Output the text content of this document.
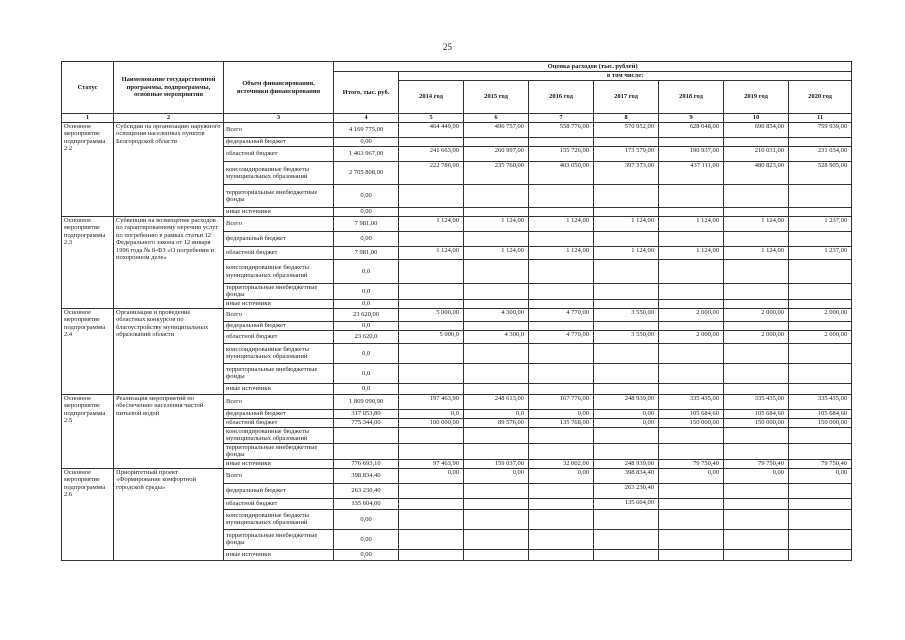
25
Статус	Наименование государственной программы, подпрограммы, основные мероприятия	Объем финансирования, источники финансирования	Оценка расходов (тыс. рублей)							
			Итого, тыс. руб.	в том числе:						
				2014 год	2015 год	2016 год	2017 год	2018 год	2019 год	2020 год
1	2	3	4	5	6	7	8	9	10	11
Основное мероприятие подпрограммы 2.2	Субсидии на организацию наружного освещения населенных пунктов Белгородской области	Всего	4 169 775,00	464 449,00	496 757,00	558 776,00	570 952,00	628 048,00	690 854,00	759 939,00
		федеральный бюджет	0,00							
		областной бюджет	1 463 967,00	241 663,00	260 997,00	155 726,00	173 579,00	190 937,00	210 031,00	231 034,00
		консолидированные бюджеты муниципальных образований	2 705 808,00	222 786,00	235 760,00	403 050,00	397 373,00	437 111,00	480 823,00	528 905,00
		территориальные внебюджетные фонды	0,00							
		иные источники	0,00							
Основное мероприятие подпрограммы 2.3	Субвенции на возмещение расходов по гарантированному перечню услуг по погребению в рамках статьи 12 Федерального закона от 12 января 1996 года № 8-ФЗ «О погребении и похоронном деле»	Всего	7 981,00	1 124,00	1 124,00	1 124,00	1 124,00	1 124,00	1 124,00	1 237,00
		федеральный бюджет	0,00							
		областной бюджет	7 981,00	1 124,00	1 124,00	1 124,00	1 124,00	1 124,00	1 124,00	1 237,00
		консолидированные бюджеты муниципальных образований	0,0							
		территориальные внебюджетные фонды	0,0							
		иные источники	0,0							
Основное мероприятие подпрограммы 2.4	Организация и проведение областных конкурсов по благоустройству муниципальных образований области	Всего	23 620,00	5 000,00	4 300,00	4 770,00	3 550,00	2 000,00	2 000,00	2 000,00
		федеральный бюджет	0,0							
		областной бюджет	23 620,0	5 000,0	4 300,0	4 770,00	3 550,00	2 000,00	2 000,00	2 000,00
		консолидированные бюджеты муниципальных образований	0,0							
		территориальные внебюджетные фонды	0,0							
		иные источники	0,0							
Основное мероприятие подпрограммы 2.5	Реализация мероприятий по обеспечению населения чистой питьевой водой	Всего	1 869 090,90	197 463,90	248 613,00	167 776,00	248 939,00	335 435,00	335 435,00	335 435,00
		федеральный бюджет	317 053,80	0,0	0,0	0,00	0,00	105 684,60	105 684,60	105 684,60
		областной бюджет	775 344,00	100 000,00	89 576,00	135 768,00	0,00	150 000,00	150 000,00	150 000,00
		консолидированные бюджеты муниципальных образований								
		территориальные внебюджетные фонды								
		иные источники	776 693,10	97 463,90	159 037,00	32 002,00	248 939,00	79 750,40	79 750,40	79 750,40
Основное мероприятие подпрограммы 2.6	Приоритетный проект «Формирование комфортной городской среды»	Всего	398 834,40	0,00	0,00	0,00	398 834,40	0,00	0,00	0,00
		федеральный бюджет	263 230,40				263 230,40			
		областной бюджет	135 604,00				135 604,00			
		консолидированные бюджеты муниципальных образований	0,00							
		территориальные внебюджетные фонды	0,00							
		иные источники	0,00							
